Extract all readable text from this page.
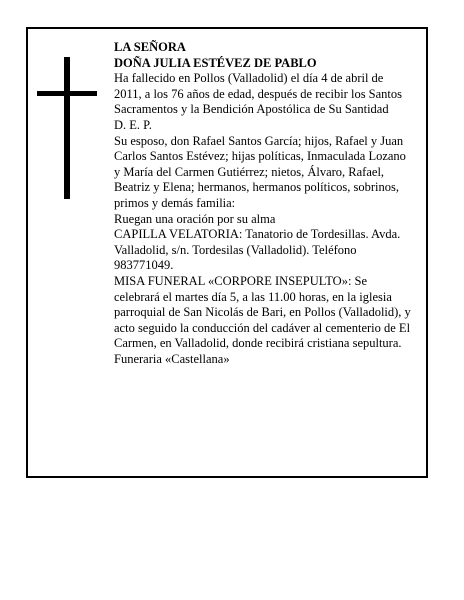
LA SEÑORA

DOÑA JULIA ESTÉVEZ DE PABLO

Ha fallecido en Pollos (Valladolid) el día 4 de abril de 2011, a los 76 años de edad, después de recibir los Santos Sacramentos y la Bendición Apostólica de Su Santidad

D. E. P.

Su esposo, don Rafael Santos García; hijos, Rafael y Juan Carlos Santos Estévez; hijas políticas, Inmaculada Lozano y María del Carmen Gutiérrez; nietos, Álvaro, Rafael, Beatriz y Elena; hermanos, hermanos políticos, sobrinos, primos y demás familia:

Ruegan una oración por su alma

CAPILLA VELATORIA: Tanatorio de Tordesillas. Avda. Valladolid, s/n. Tordesilas (Valladolid). Teléfono 983771049.

MISA FUNERAL «CORPORE INSEPULTO»: Se celebrará el martes día 5, a las 11.00 horas, en la iglesia parroquial de San Nicolás de Bari, en Pollos (Valladolid), y acto seguido la conducción del cadáver al cementerio de El Carmen, en Valladolid, donde recibirá cristiana sepultura.

Funeraria «Castellana»
